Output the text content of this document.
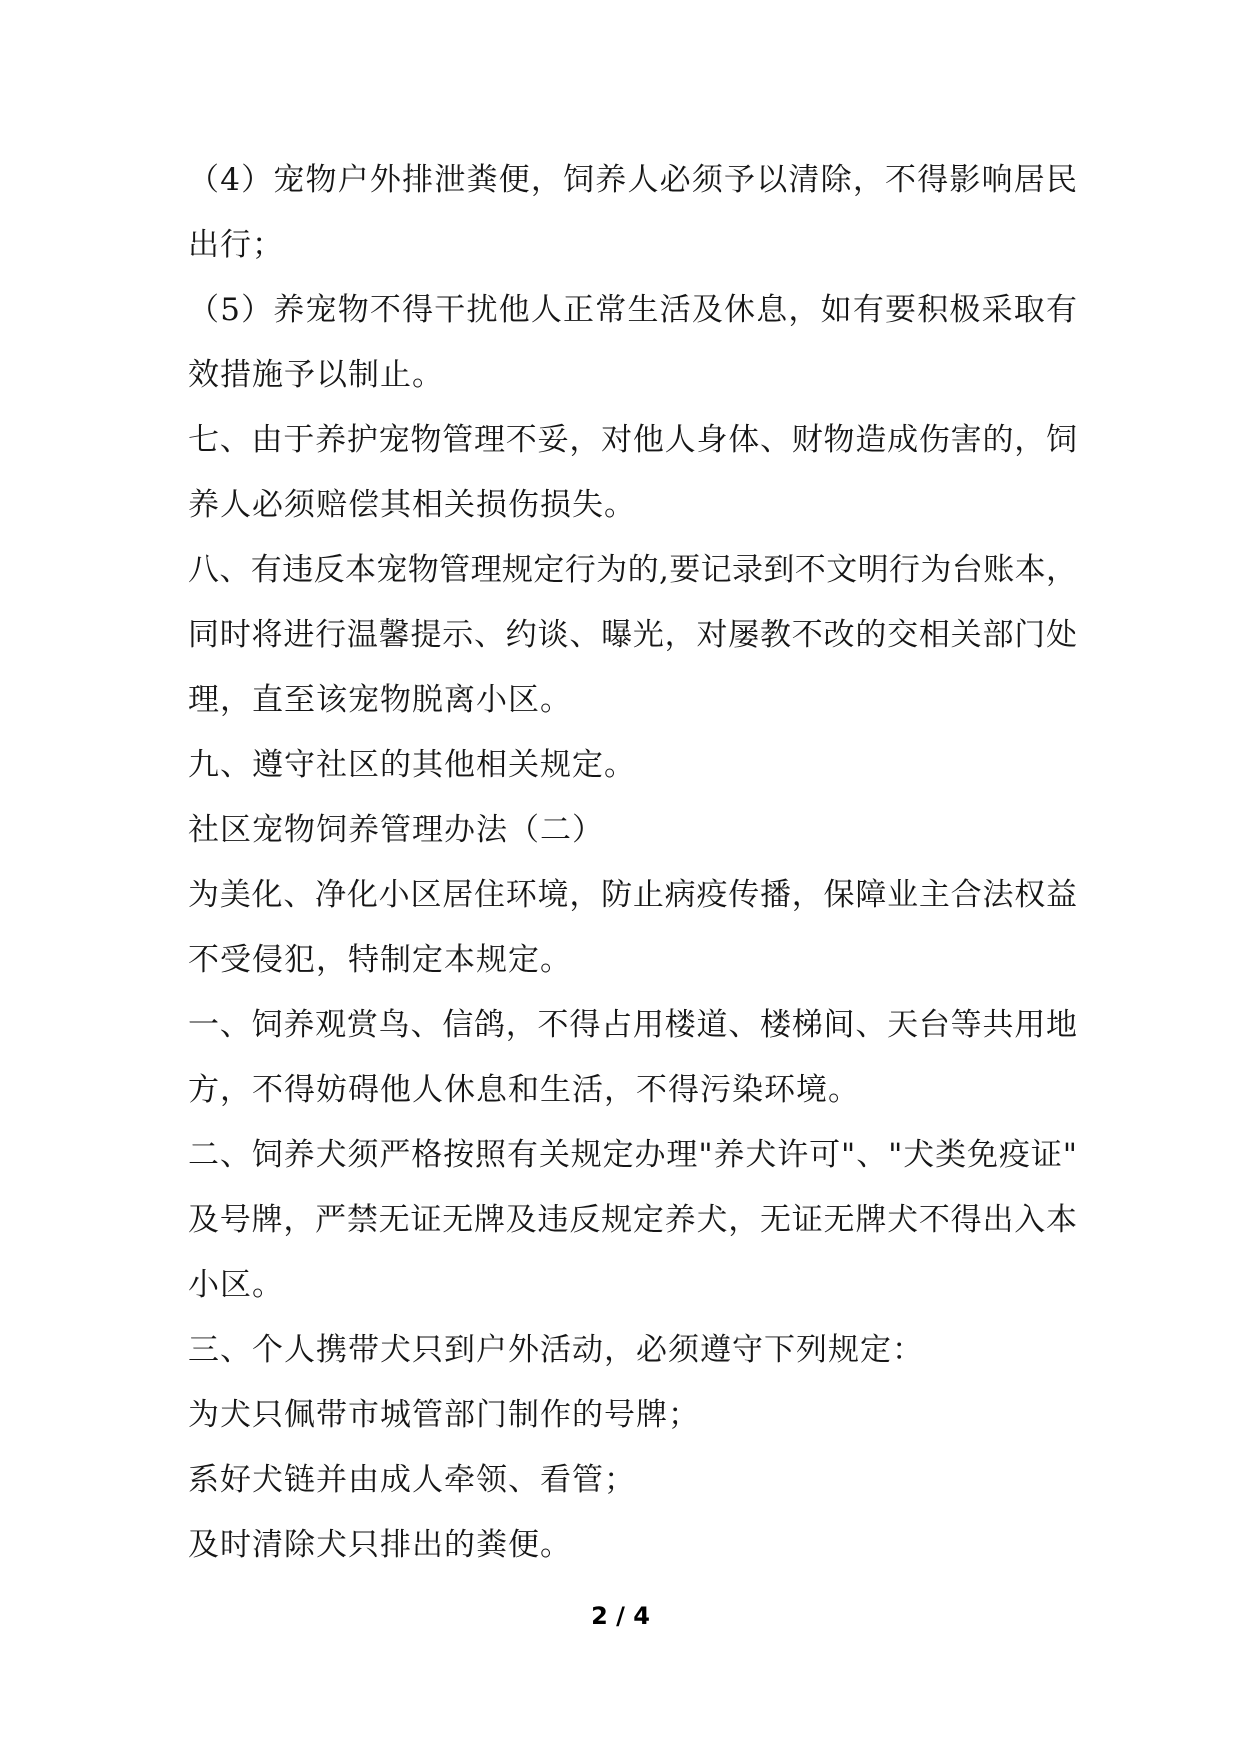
（4）宠物户外排泄粪便，饲养人必须予以清除，不得影响居民
出行；
（5）养宠物不得干扰他人正常生活及休息，如有要积极采取有
效措施予以制止。
七、由于养护宠物管理不妥，对他人身体、财物造成伤害的，饲
养人必须赔偿其相关损伤损失。
八、有违反本宠物管理规定行为的,要记录到不文明行为台账本，
同时将进行温馨提示、约谈、曝光，对屡教不改的交相关部门处
理，直至该宠物脱离小区。
九、遵守社区的其他相关规定。
社区宠物饲养管理办法（二）
为美化、净化小区居住环境，防止病疫传播，保障业主合法权益
不受侵犯，特制定本规定。
一、饲养观赏鸟、信鸽，不得占用楼道、楼梯间、天台等共用地
方，不得妨碍他人休息和生活，不得污染环境。
二、饲养犬须严格按照有关规定办理"养犬许可"、"犬类免疫证"
及号牌，严禁无证无牌及违反规定养犬，无证无牌犬不得出入本
小区。
三、个人携带犬只到户外活动，必须遵守下列规定：
为犬只佩带市城管部门制作的号牌；
系好犬链并由成人牵领、看管；
及时清除犬只排出的粪便。
2 / 4
